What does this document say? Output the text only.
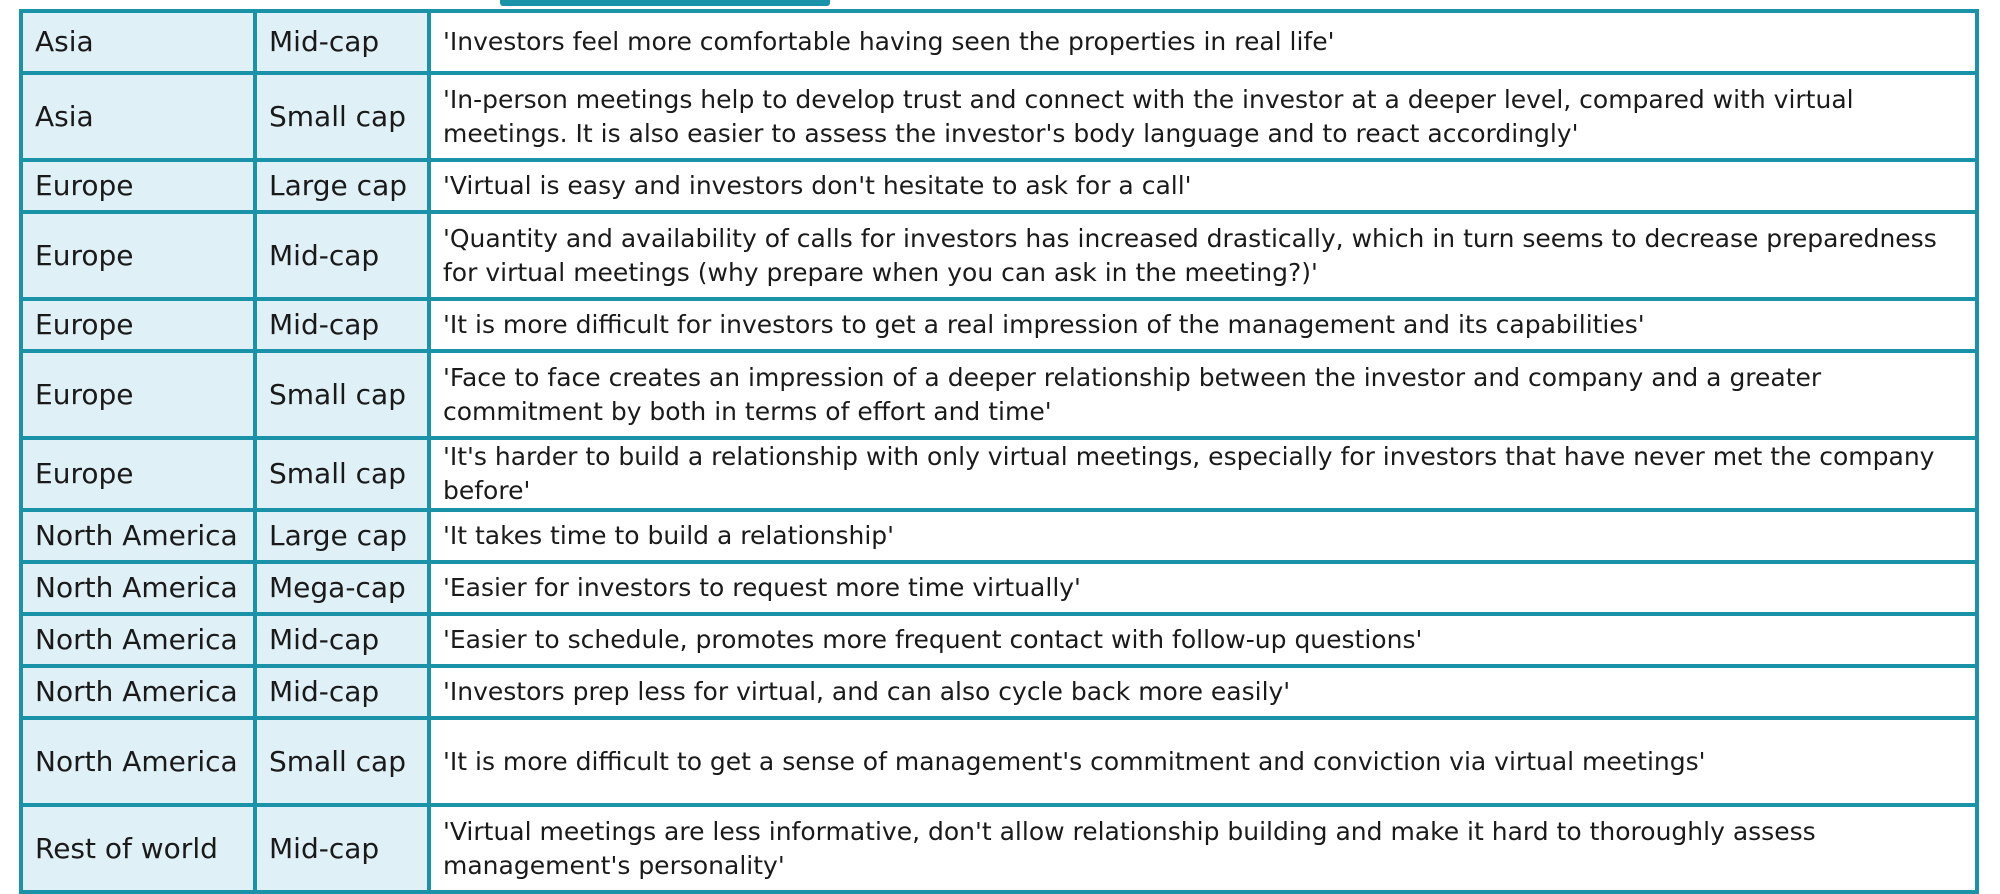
Asia	Mid-cap	'Investors feel more comfortable having seen the properties in real life'
Asia	Small cap	'In-person meetings help to develop trust and connect with the investor at a deeper level, compared with virtual meetings. It is also easier to assess the investor's body language and to react accordingly'
Europe	Large cap	'Virtual is easy and investors don't hesitate to ask for a call'
Europe	Mid-cap	'Quantity and availability of calls for investors has increased drastically, which in turn seems to decrease preparedness for virtual meetings (why prepare when you can ask in the meeting?)'
Europe	Mid-cap	'It is more difficult for investors to get a real impression of the management and its capabilities'
Europe	Small cap	'Face to face creates an impression of a deeper relationship between the investor and company and a greater commitment by both in terms of effort and time'
Europe	Small cap	'It's harder to build a relationship with only virtual meetings, especially for investors that have never met the company before'
North America	Large cap	'It takes time to build a relationship'
North America	Mega-cap	'Easier for investors to request more time virtually'
North America	Mid-cap	'Easier to schedule, promotes more frequent contact with follow-up questions'
North America	Mid-cap	'Investors prep less for virtual, and can also cycle back more easily'
North America	Small cap	'It is more difficult to get a sense of management's commitment and conviction via virtual meetings'
Rest of world	Mid-cap	'Virtual meetings are less informative, don't allow relationship building and make it hard to thoroughly assess management's personality'
